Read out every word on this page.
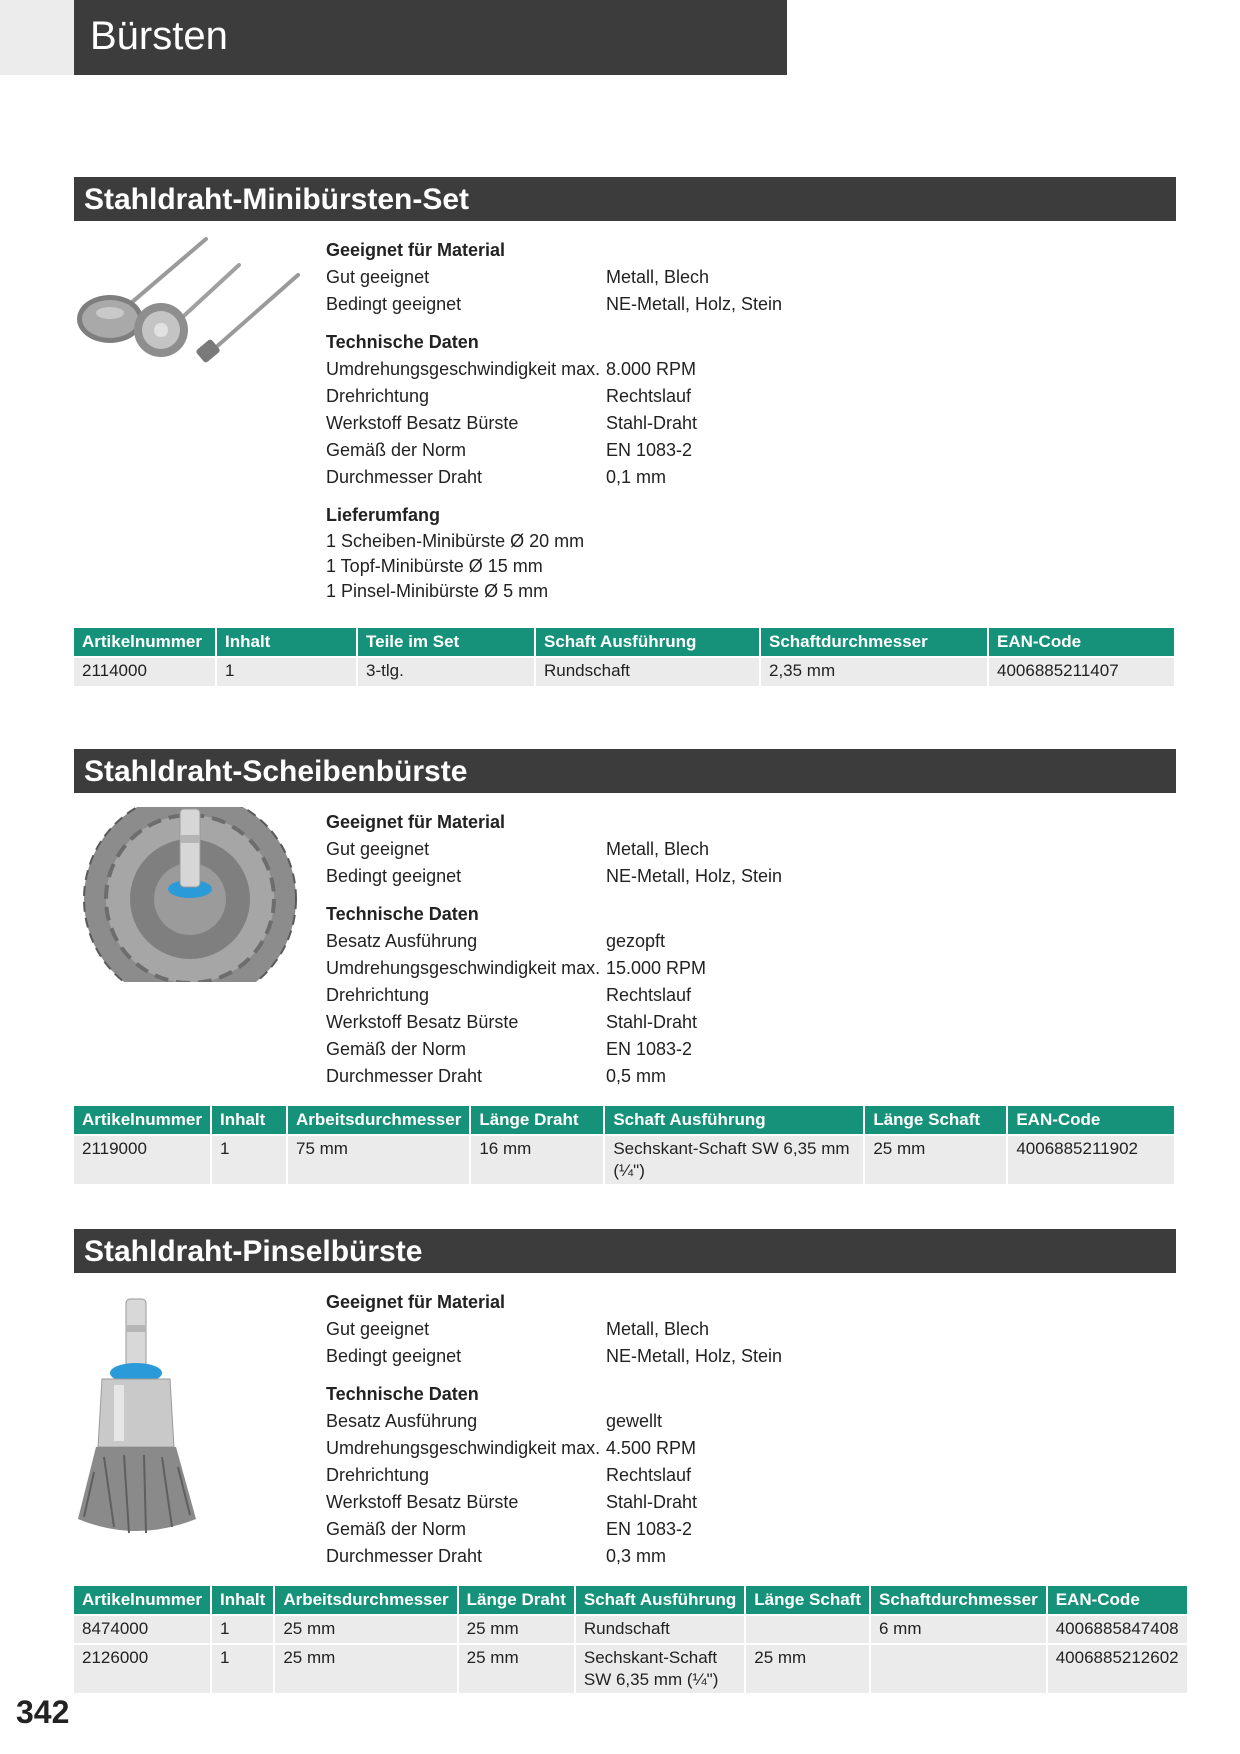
Bürsten
Stahldraht-Minibürsten-Set
Geeignet für Material
Gut geeignet	Metall, Blech
Bedingt geeignet	NE-Metall, Holz, Stein
Technische Daten
Umdrehungsgeschwindigkeit max. 8.000 RPM
Drehrichtung	Rechtslauf
Werkstoff Besatz Bürste	Stahl-Draht
Gemäß der Norm	EN 1083-2
Durchmesser Draht	0,1 mm
Lieferumfang
1 Scheiben-Minibürste Ø 20 mm
1 Topf-Minibürste Ø 15 mm
1 Pinsel-Minibürste Ø 5 mm
Artikelnummer	Inhalt	Teile im Set	Schaft Ausführung	Schaftdurchmesser	EAN-Code
2114000	1	3-tlg.	Rundschaft	2,35 mm	4006885211407
Stahldraht-Scheibenbürste
Geeignet für Material
Gut geeignet	Metall, Blech
Bedingt geeignet	NE-Metall, Holz, Stein
Technische Daten
Besatz Ausführung	gezopft
Umdrehungsgeschwindigkeit max. 15.000 RPM
Drehrichtung	Rechtslauf
Werkstoff Besatz Bürste	Stahl-Draht
Gemäß der Norm	EN 1083-2
Durchmesser Draht	0,5 mm
Artikelnummer	Inhalt	Arbeitsdurchmesser	Länge Draht	Schaft Ausführung	Länge Schaft	EAN-Code
2119000	1	75 mm	16 mm	Sechskant-Schaft SW 6,35 mm (¼")	25 mm	4006885211902
Stahldraht-Pinselbürste
Geeignet für Material
Gut geeignet	Metall, Blech
Bedingt geeignet	NE-Metall, Holz, Stein
Technische Daten
Besatz Ausführung	gewellt
Umdrehungsgeschwindigkeit max. 4.500 RPM
Drehrichtung	Rechtslauf
Werkstoff Besatz Bürste	Stahl-Draht
Gemäß der Norm	EN 1083-2
Durchmesser Draht	0,3 mm
Artikelnummer	Inhalt	Arbeitsdurchmesser	Länge Draht	Schaft Ausführung	Länge Schaft	Schaftdurchmesser	EAN-Code
8474000	1	25 mm	25 mm	Rundschaft		6 mm	4006885847408
2126000	1	25 mm	25 mm	Sechskant-Schaft SW 6,35 mm (¼")	25 mm		4006885212602
342
